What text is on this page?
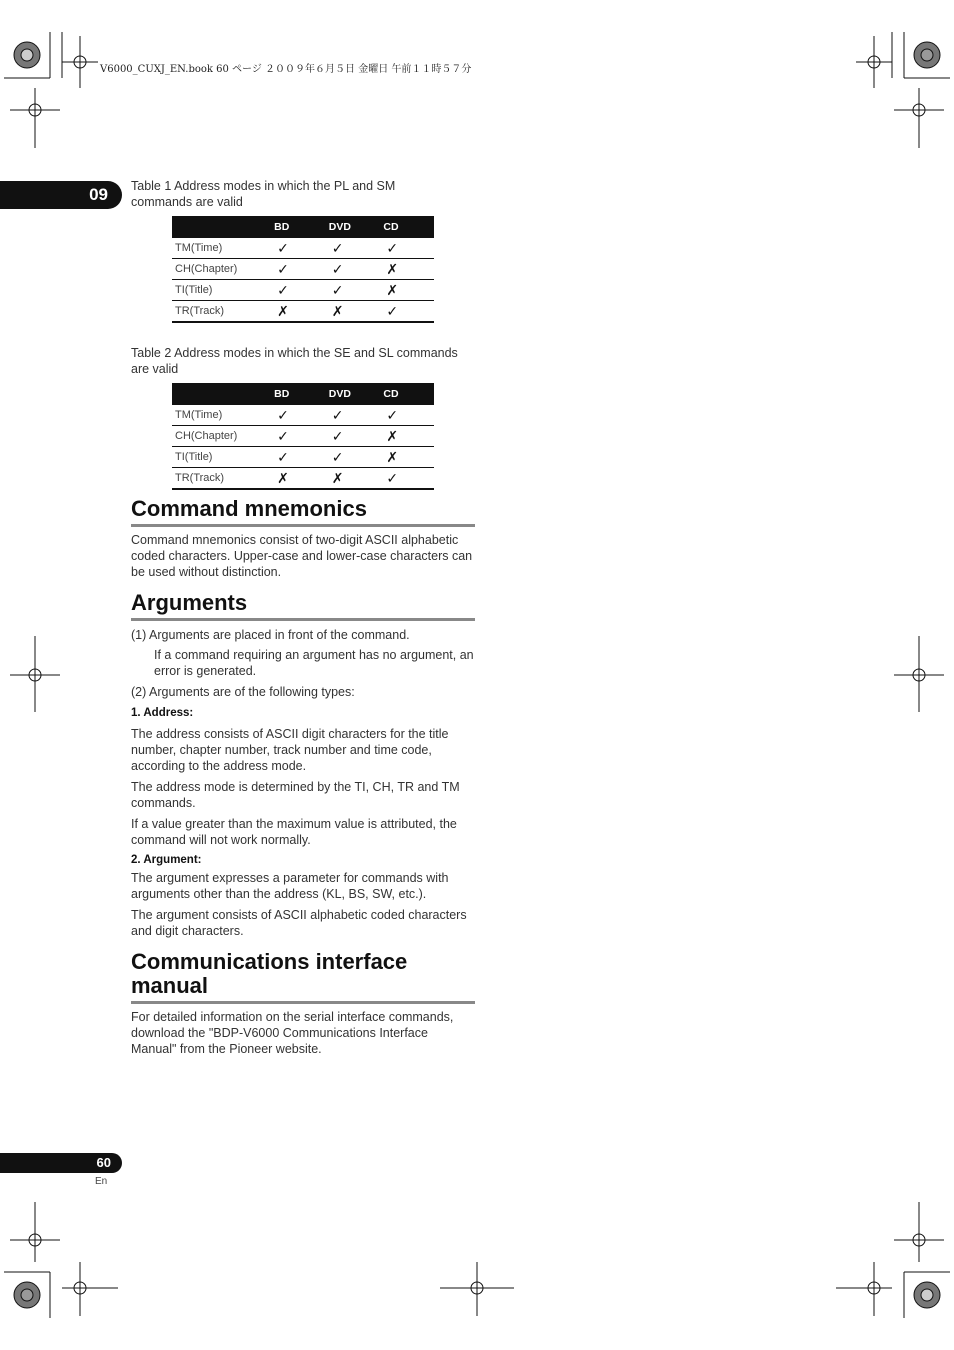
V6000_CUXJ_EN.book 60 ページ ２００９年６月５日 金曜日 午前１１時５７分
09	Table 1 Address modes in which the PL and SM commands are valid
	BD	DVD	CD
TM(Time)	✓	✓	✓
CH(Chapter)	✓	✓	✗
TI(Title)	✓	✓	✗
TR(Track)	✗	✗	✓
Table 2 Address modes in which the SE and SL commands are valid
	BD	DVD	CD
TM(Time)	✓	✓	✓
CH(Chapter)	✓	✓	✗
TI(Title)	✓	✓	✗
TR(Track)	✗	✗	✓
Command mnemonics

Command mnemonics consist of two-digit ASCII alphabetic coded characters. Upper-case and lower-case characters can be used without distinction.

Arguments

(1) Arguments are placed in front of the command.

If a command requiring an argument has no argument, an error is generated.

(2) Arguments are of the following types:

1. Address:

The address consists of ASCII digit characters for the title number, chapter number, track number and time code, according to the address mode.

The address mode is determined by the TI, CH, TR and TM commands.

If a value greater than the maximum value is attributed, the command will not work normally.

2. Argument:

The argument expresses a parameter for commands with arguments other than the address (KL, BS, SW, etc.).

The argument consists of ASCII alphabetic coded characters and digit characters.

Communications interface manual

For detailed information on the serial interface commands, download the "BDP-V6000 Communications Interface Manual" from the Pioneer website.

60
En
